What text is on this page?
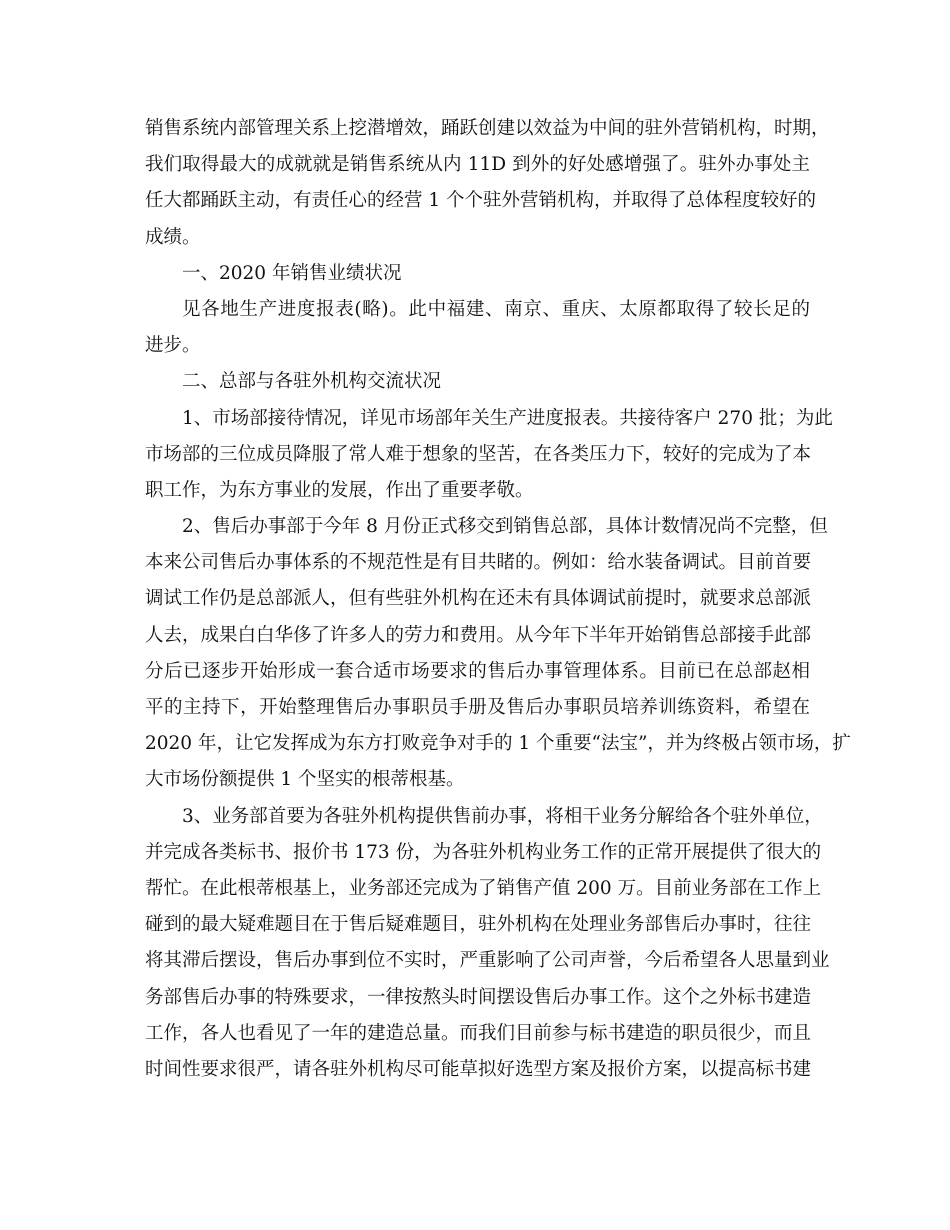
销售系统内部管理关系上挖潜增效，踊跃创建以效益为中间的驻外营销机构，时期，
我们取得最大的成就就是销售系统从内 11D 到外的好处感增强了。驻外办事处主
任大都踊跃主动，有责任心的经营 1 个个驻外营销机构，并取得了总体程度较好的
成绩。
一、2020 年销售业绩状况
见各地生产进度报表(略)。此中福建、南京、重庆、太原都取得了较长足的
进步。
二、总部与各驻外机构交流状况
1、市场部接待情况，详见市场部年关生产进度报表。共接待客户 270 批；为此
市场部的三位成员降服了常人难于想象的坚苦，在各类压力下，较好的完成为了本
职工作，为东方事业的发展，作出了重要孝敬。
2、售后办事部于今年 8 月份正式移交到销售总部，具体计数情况尚不完整，但
本来公司售后办事体系的不规范性是有目共睹的。例如：给水装备调试。目前首要
调试工作仍是总部派人，但有些驻外机构在还未有具体调试前提时，就要求总部派
人去，成果白白华侈了许多人的劳力和费用。从今年下半年开始销售总部接手此部
分后已逐步开始形成一套合适市场要求的售后办事管理体系。目前已在总部赵相
平的主持下，开始整理售后办事职员手册及售后办事职员培养训练资料，希望在
2020 年，让它发挥成为东方打败竞争对手的 1 个重要“法宝”，并为终极占领市场，扩
大市场份额提供 1 个坚实的根蒂根基。
3、业务部首要为各驻外机构提供售前办事，将相干业务分解给各个驻外单位，
并完成各类标书、报价书 173 份，为各驻外机构业务工作的正常开展提供了很大的
帮忙。在此根蒂根基上，业务部还完成为了销售产值 200 万。目前业务部在工作上
碰到的最大疑难题目在于售后疑难题目，驻外机构在处理业务部售后办事时，往往
将其滞后摆设，售后办事到位不实时，严重影响了公司声誉，今后希望各人思量到业
务部售后办事的特殊要求，一律按熬头时间摆设售后办事工作。这个之外标书建造
工作，各人也看见了一年的建造总量。而我们目前参与标书建造的职员很少，而且
时间性要求很严，请各驻外机构尽可能草拟好选型方案及报价方案，以提高标书建
